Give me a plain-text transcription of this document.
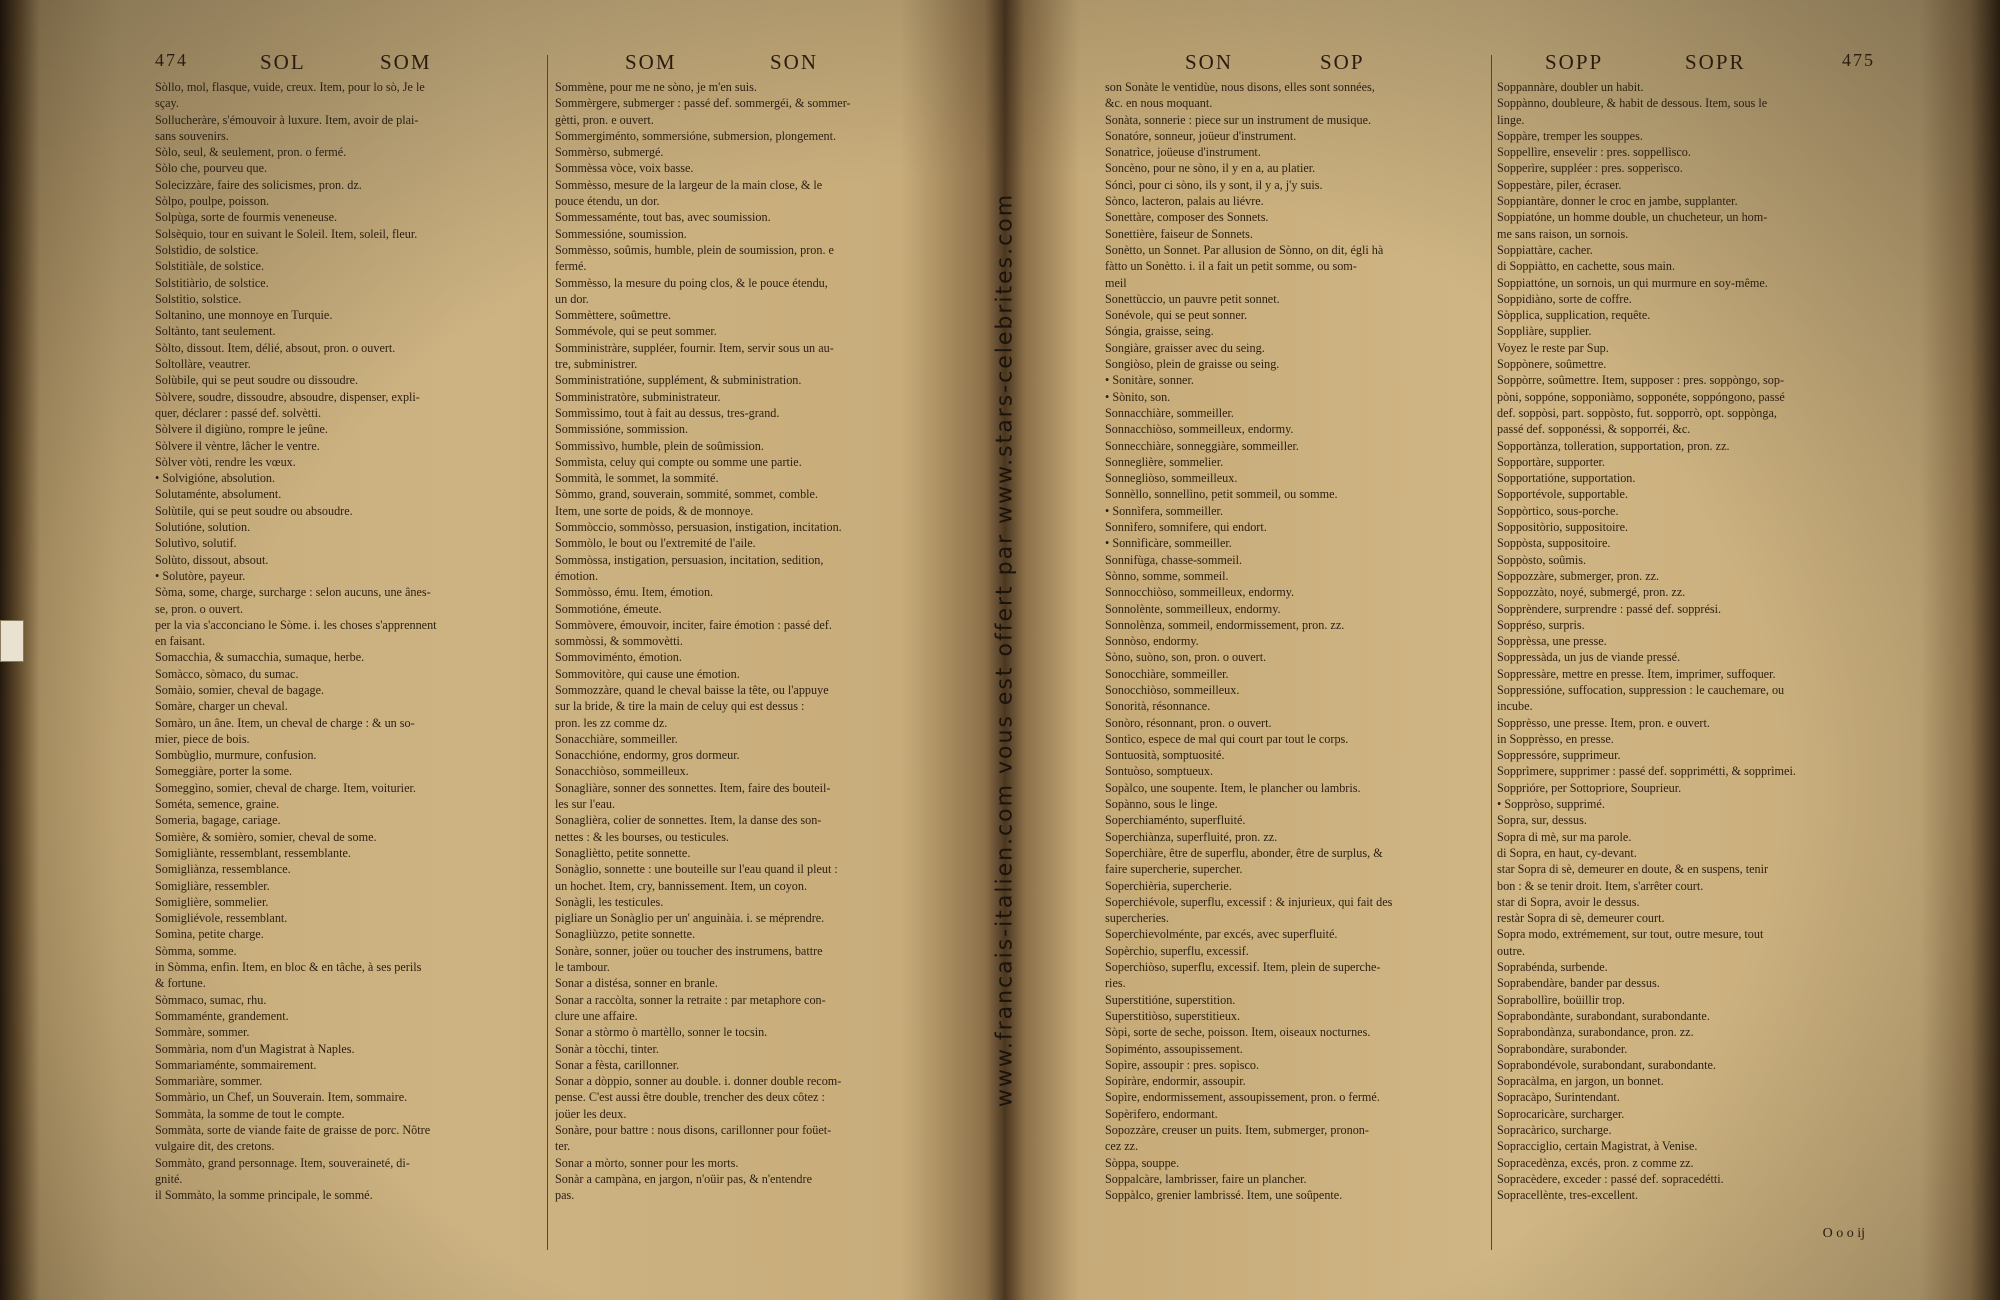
474	SOL	SOM	SOM	SON

Sòllo, mol, flasque, vuide, creux. Item, pour lo sò, Je le

sçay.

Sollucheràre, s'émouvoir à luxure. Item, avoir de plai-

sans souvenirs.

Sòlo, seul, & seulement, pron. o fermé.

Sòlo che, pourveu que.

Solecizzàre, faire des solicismes, pron. dz.

Sòlpo, poulpe, poisson.

Solpùga, sorte de fourmis veneneuse.

Solsèquio, tour en suivant le Soleil. Item, soleil, fleur.

Solstìdio, de solstice.

Solstitiàle, de solstice.

Solstitiàrio, de solstice.

Solstìtio, solstice.

Soltanìno, une monnoye en Turquie.

Soltànto, tant seulement.

Sòlto, dissout. Item, délié, absout, pron. o ouvert.

Soltollàre, veautrer.

Solùbile, qui se peut soudre ou dissoudre.

Sòlvere, soudre, dissoudre, absoudre, dispenser, expli-

quer, déclarer : passé def. solvètti.

Sòlvere il digiùno, rompre le jeûne.

Sòlvere il vèntre, lâcher le ventre.

Sòlver vòti, rendre les vœux.

• Solvigióne, absolution.

Solutaménte, absolument.

Solùtile, qui se peut soudre ou absoudre.

Solutióne, solution.

Solutìvo, solutif.

Solùto, dissout, absout.

• Solutòre, payeur.

Sòma, some, charge, surcharge : selon aucuns, une ânes-

se, pron. o ouvert.

per la via s'acconciano le Sòme. i. les choses s'apprennent

en faisant.

Somacchia, & sumacchia, sumaque, herbe.

Somàcco, sòmaco, du sumac.

Somàio, somier, cheval de bagage.

Somàre, charger un cheval.

Somàro, un âne. Item, un cheval de charge : & un so-

mier, piece de bois.

Sombùglio, murmure, confusion.

Someggiàre, porter la some.

Someggìno, somier, cheval de charge. Item, voiturier.

Sométa, semence, graine.

Someria, bagage, cariage.

Somière, & somièro, somier, cheval de some.

Somigliànte, ressemblant, ressemblante.

Somigliànza, ressemblance.

Somigliàre, ressembler.

Somiglière, sommelier.

Somigliévole, ressemblant.

Somìna, petite charge.

Sòmma, somme.

in Sòmma, enfin. Item, en bloc & en tâche, à ses perils

& fortune.

Sòmmaco, sumac, rhu.

Sommaménte, grandement.

Sommàre, sommer.

Sommària, nom d'un Magistrat à Naples.

Sommariaménte, sommairement.

Sommariàre, sommer.

Sommàrio, un Chef, un Souverain. Item, sommaire.

Sommàta, la somme de tout le compte.

Sommàta, sorte de viande faite de graisse de porc. Nôtre

vulgaire dit, des cretons.

Sommàto, grand personnage. Item, souveraineté, di-

gnité.

il Sommàto, la somme principale, le sommé.

Sommène, pour me ne sòno, je m'en suis.

Sommèrgere, submerger : passé def. sommergéi, & sommer-

gètti, pron. e ouvert.

Sommergiménto, sommersióne, submersion, plongement.

Sommèrso, submergé.

Sommèssa vòce, voix basse.

Sommèsso, mesure de la largeur de la main close, & le

pouce étendu, un dor.

Sommessaménte, tout bas, avec soumission.

Sommessióne, soumission.

Sommèsso, soûmis, humble, plein de soumission, pron. e

fermé.

Sommèsso, la mesure du poing clos, & le pouce étendu,

un dor.

Sommèttere, soûmettre.

Sommévole, qui se peut sommer.

Somministràre, suppléer, fournir. Item, servir sous un au-

tre, subministrer.

Somministratióne, supplément, & subministration.

Somministratòre, subministrateur.

Sommìssimo, tout à fait au dessus, tres-grand.

Sommissióne, sommission.

Sommissìvo, humble, plein de soûmission.

Sommìsta, celuy qui compte ou somme une partie.

Sommità, le sommet, la sommité.

Sòmmo, grand, souverain, sommité, sommet, comble.

Item, une sorte de poids, & de monnoye.

Sommòccio, sommòsso, persuasion, instigation, incitation.

Sommòlo, le bout ou l'extremité de l'aile.

Sommòssa, instigation, persuasion, incitation, sedition,

émotion.

Sommòsso, ému. Item, émotion.

Sommotióne, émeute.

Sommòvere, émouvoir, inciter, faire émotion : passé def.

sommòssi, & sommovètti.

Sommoviménto, émotion.

Sommovitòre, qui cause une émotion.

Sommozzàre, quand le cheval baisse la tête, ou l'appuye

sur la bride, & tire la main de celuy qui est dessus :

pron. les zz comme dz.

Sonacchiàre, sommeiller.

Sonacchióne, endormy, gros dormeur.

Sonacchiòso, sommeilleux.

Sonagliàre, sonner des sonnettes. Item, faire des bouteil-

les sur l'eau.

Sonaglièra, colier de sonnettes. Item, la danse des son-

nettes : & les bourses, ou testicules.

Sonagliètto, petite sonnette.

Sonàglio, sonnette : une bouteille sur l'eau quand il pleut :

un hochet. Item, cry, bannissement. Item, un coyon.

Sonàgli, les testicules.

pigliare un Sonàglio per un' anguinàia. i. se méprendre.

Sonagliùzzo, petite sonnette.

Sonàre, sonner, joüer ou toucher des instrumens, battre

le tambour.

Sonar a distésa, sonner en branle.

Sonar a raccòlta, sonner la retraite : par metaphore con-

clure une affaire.

Sonar a stòrmo ò martèllo, sonner le tocsin.

Sonàr a tòcchi, tinter.

Sonar a fèsta, carillonner.

Sonar a dòppio, sonner au double. i. donner double recom-

pense. C'est aussi être double, trencher des deux côtez :

joüer les deux.

Sonàre, pour battre : nous disons, carillonner pour foüet-

ter.

Sonar a mòrto, sonner pour les morts.

Sonàr a campàna, en jargon, n'oüir pas, & n'entendre

pas.

www.francais-italien.com vous est offert par www.stars-celebrites.com
SON	SOP	SOPP	SOPR	475

son Sonàte le ventidùe, nous disons, elles sont sonnées,

&c. en nous moquant.

Sonàta, sonnerie : piece sur un instrument de musique.

Sonatóre, sonneur, joüeur d'instrument.

Sonatrìce, joüeuse d'instrument.

Soncèno, pour ne sòno, il y en a, au platier.

Sóncì, pour ci sòno, ils y sont, il y a, j'y suis.

Sònco, lacteron, palais au liévre.

Sonettàre, composer des Sonnets.

Sonettière, faiseur de Sonnets.

Sonètto, un Sonnet. Par allusion de Sònno, on dit, égli hà

fàtto un Sonètto. i. il a fait un petit somme, ou som-

meil

Sonettùccio, un pauvre petit sonnet.

Sonévole, qui se peut sonner.

Sóngia, graisse, seing.

Songiàre, graisser avec du seing.

Songiòso, plein de graisse ou seing.

• Sonitàre, sonner.

• Sònito, son.

Sonnacchiàre, sommeiller.

Sonnacchiòso, sommeilleux, endormy.

Sonnecchiàre, sonneggiàre, sommeiller.

Sonneglière, sommelier.

Sonnegliòso, sommeilleux.

Sonnèllo, sonnellìno, petit sommeil, ou somme.

• Sonnìfera, sommeiller.

Sonnìfero, somnifere, qui endort.

• Sonnìficàre, sommeiller.

Sonnifùga, chasse-sommeil.

Sònno, somme, sommeil.

Sonnocchiòso, sommeilleux, endormy.

Sonnolènte, sommeilleux, endormy.

Sonnolènza, sommeil, endormissement, pron. zz.

Sonnòso, endormy.

Sòno, suòno, son, pron. o ouvert.

Sonocchiàre, sommeiller.

Sonocchiòso, sommeilleux.

Sonorità, résonnance.

Sonòro, résonnant, pron. o ouvert.

Sontìco, espece de mal qui court par tout le corps.

Sontuosità, somptuosité.

Sontuòso, somptueux.

Sopàlco, une soupente. Item, le plancher ou lambris.

Sopànno, sous le linge.

Soperchiaménto, superfluité.

Soperchiànza, superfluité, pron. zz.

Soperchiàre, être de superflu, abonder, être de surplus, &

faire supercherie, supercher.

Soperchièria, supercherie.

Soperchiévole, superflu, excessif : & injurieux, qui fait des

supercheries.

Soperchievolménte, par excés, avec superfluité.

Sopèrchio, superflu, excessif.

Soperchiòso, superflu, excessif. Item, plein de superche-

ries.

Superstitióne, superstition.

Superstitiòso, superstitieux.

Sòpi, sorte de seche, poisson. Item, oiseaux nocturnes.

Sopiménto, assoupissement.

Sopìre, assoupir : pres. sopìsco.

Sopiràre, endormir, assoupir.

Sopìre, endormissement, assoupissement, pron. o fermé.

Sopèrifero, endormant.

Sopozzàre, creuser un puits. Item, submerger, pronon-

cez zz.

Sòppa, souppe.

Soppalcàre, lambrisser, faire un plancher.

Soppàlco, grenier lambrissé. Item, une soûpente.

Soppannàre, doubler un habit.

Soppànno, doubleure, & habit de dessous. Item, sous le

linge.

Soppàre, tremper les souppes.

Soppellìre, ensevelir : pres. soppellìsco.

Sopperìre, suppléer : pres. sopperìsco.

Soppestàre, piler, écraser.

Soppiantàre, donner le croc en jambe, supplanter.

Soppiatóne, un homme double, un chucheteur, un hom-

me sans raison, un sornois.

Soppiattàre, cacher.

di Soppiàtto, en cachette, sous main.

Soppiattóne, un sornois, un qui murmure en soy-même.

Soppidiàno, sorte de coffre.

Sòpplica, supplication, requête.

Soppliàre, supplier.

Voyez le reste par Sup.

Soppònere, soûmettre.

Soppòrre, soûmettre. Item, supposer : pres. soppòngo, sop-

pòni, soppóne, sopponiàmo, sopponéte, soppóngono, passé

def. soppòsi, part. soppòsto, fut. sopporrò, opt. soppònga,

passé def. sopponéssi, & sopporréi, &c.

Sopportànza, tolleration, supportation, pron. zz.

Sopportàre, supporter.

Sopportatióne, supportation.

Sopportévole, supportable.

Soppòrtico, sous-porche.

Soppositòrio, suppositoire.

Soppòsta, suppositoire.

Soppòsto, soûmis.

Soppozzàre, submerger, pron. zz.

Soppozzàto, noyé, submergé, pron. zz.

Sopprèndere, surprendre : passé def. sopprési.

Soppréso, surpris.

Sopprèssa, une presse.

Soppressàda, un jus de viande pressé.

Soppressàre, mettre en presse. Item, imprimer, suffoquer.

Soppressióne, suffocation, suppression : le cauchemare, ou

incube.

Sopprèsso, une presse. Item, pron. e ouvert.

in Sopprèsso, en presse.

Soppressóre, supprimeur.

Sopprìmere, supprimer : passé def. sopprimétti, & sopprìmei.

Sopprióre, per Sottopriore, Souprieur.

• Soppròso, supprimé.

Sopra, sur, dessus.

Sopra di mè, sur ma parole.

di Sopra, en haut, cy-devant.

star Sopra di sè, demeurer en doute, & en suspens, tenir

bon : & se tenir droit. Item, s'arrêter court.

star di Sopra, avoir le dessus.

restàr Sopra di sè, demeurer court.

Sopra modo, extrémement, sur tout, outre mesure, tout

outre.

Soprabénda, surbende.

Soprabendàre, bander par dessus.

Soprabollìre, boüillir trop.

Soprabondànte, surabondant, surabondante.

Soprabondànza, surabondance, pron. zz.

Soprabondàre, surabonder.

Soprabondévole, surabondant, surabondante.

Sopracàlma, en jargon, un bonnet.

Sopracàpo, Surintendant.

Soprocaricàre, surcharger.

Sopracàrico, surcharge.

Sopracciglio, certain Magistrat, à Venise.

Sopracedènza, excés, pron. z comme zz.

Sopracèdere, exceder : passé def. sopracedétti.

Sopracellènte, tres-excellent.

O o o ij
